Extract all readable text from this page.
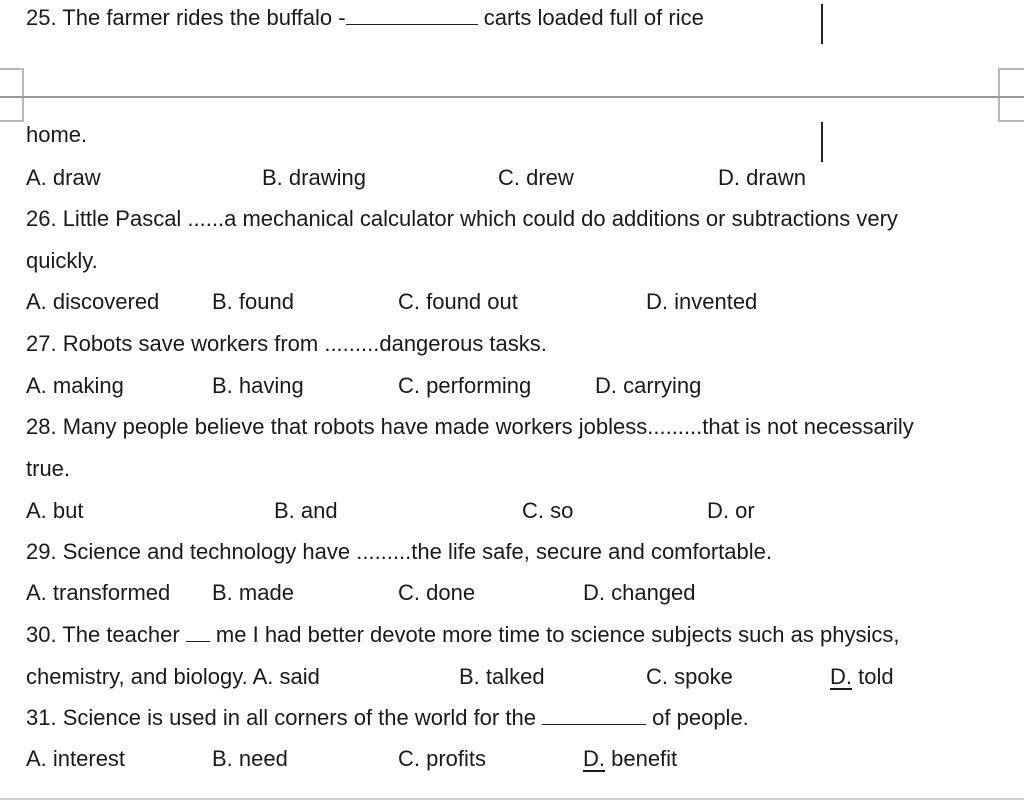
25. The farmer rides the buffalo -	carts loaded full of rice
home.
A. draw	B. drawing	C. drew	D. drawn
26. Little Pascal ......a mechanical calculator which could do additions or subtractions very
quickly.
A. discovered B. found	C. found out	D. invented
27. Robots save workers from .........dangerous tasks.
A. making	B. having	C. performing	D. carrying
28. Many people believe that robots have made workers jobless.........that is not necessarily
true.
A. but	B. and	C. so	D. or
29. Science and technology have .........the life safe, secure and comfortable.
A. transformed B. made	C. done	D. changed
30. The teacher  me I had better devote more time to science subjects such as physics,
chemistry, and biology. A. said	B. talked	C. spoke	D. told
31. Science is used in all corners of the world for the	of people.
A. interest	B. need	C. profits	D. benefit
